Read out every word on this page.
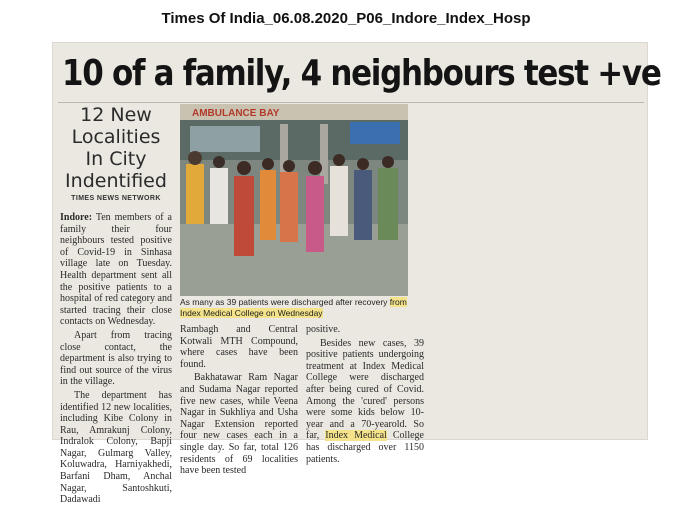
Times Of India_06.08.2020_P06_Indore_Index_Hosp
10 of a family, 4 neighbours test +ve
12 New Localities In City Indentified
TIMES NEWS NETWORK

Indore: Ten members of a family their four neighbours tested positive of Covid-19 in Sinhasa village late on Tuesday. Health department sent all the positive patients to a hospital of red category and started tracing their close contacts on Wednesday.

Apart from tracing close contact, the department is also trying to find out source of the virus in the village.

The department has identified 12 new localities, including Kibe Colony in Rau, Amrakunj Colony, Indralok Colony, Bapji Nagar, Gulmarg Valley, Koluwadra, Harniyakhedi, Barfani Dham, Anchal Nagar, Santoshkuti, Dadawadi

AMBULANCE BAY
As many as 39 patients were discharged after recovery from Index Medical College on Wednesday

Rambagh and Central Kotwali MTH Compound, where cases have been found.

Bakhatawar Ram Nagar and Sudama Nagar reported five new cases, while Veena Nagar in Sukhliya and Usha Nagar Extension reported four new cases each in a single day. So far, total 126 residents of 69 localities have been tested

positive.

Besides new cases, 39 positive patients undergoing treatment at Index Medical College were discharged after being cured of Covid. Among the 'cured' persons were some kids below 10-year and a 70-yearold. So far, Index Medical College has discharged over 1150 patients.
